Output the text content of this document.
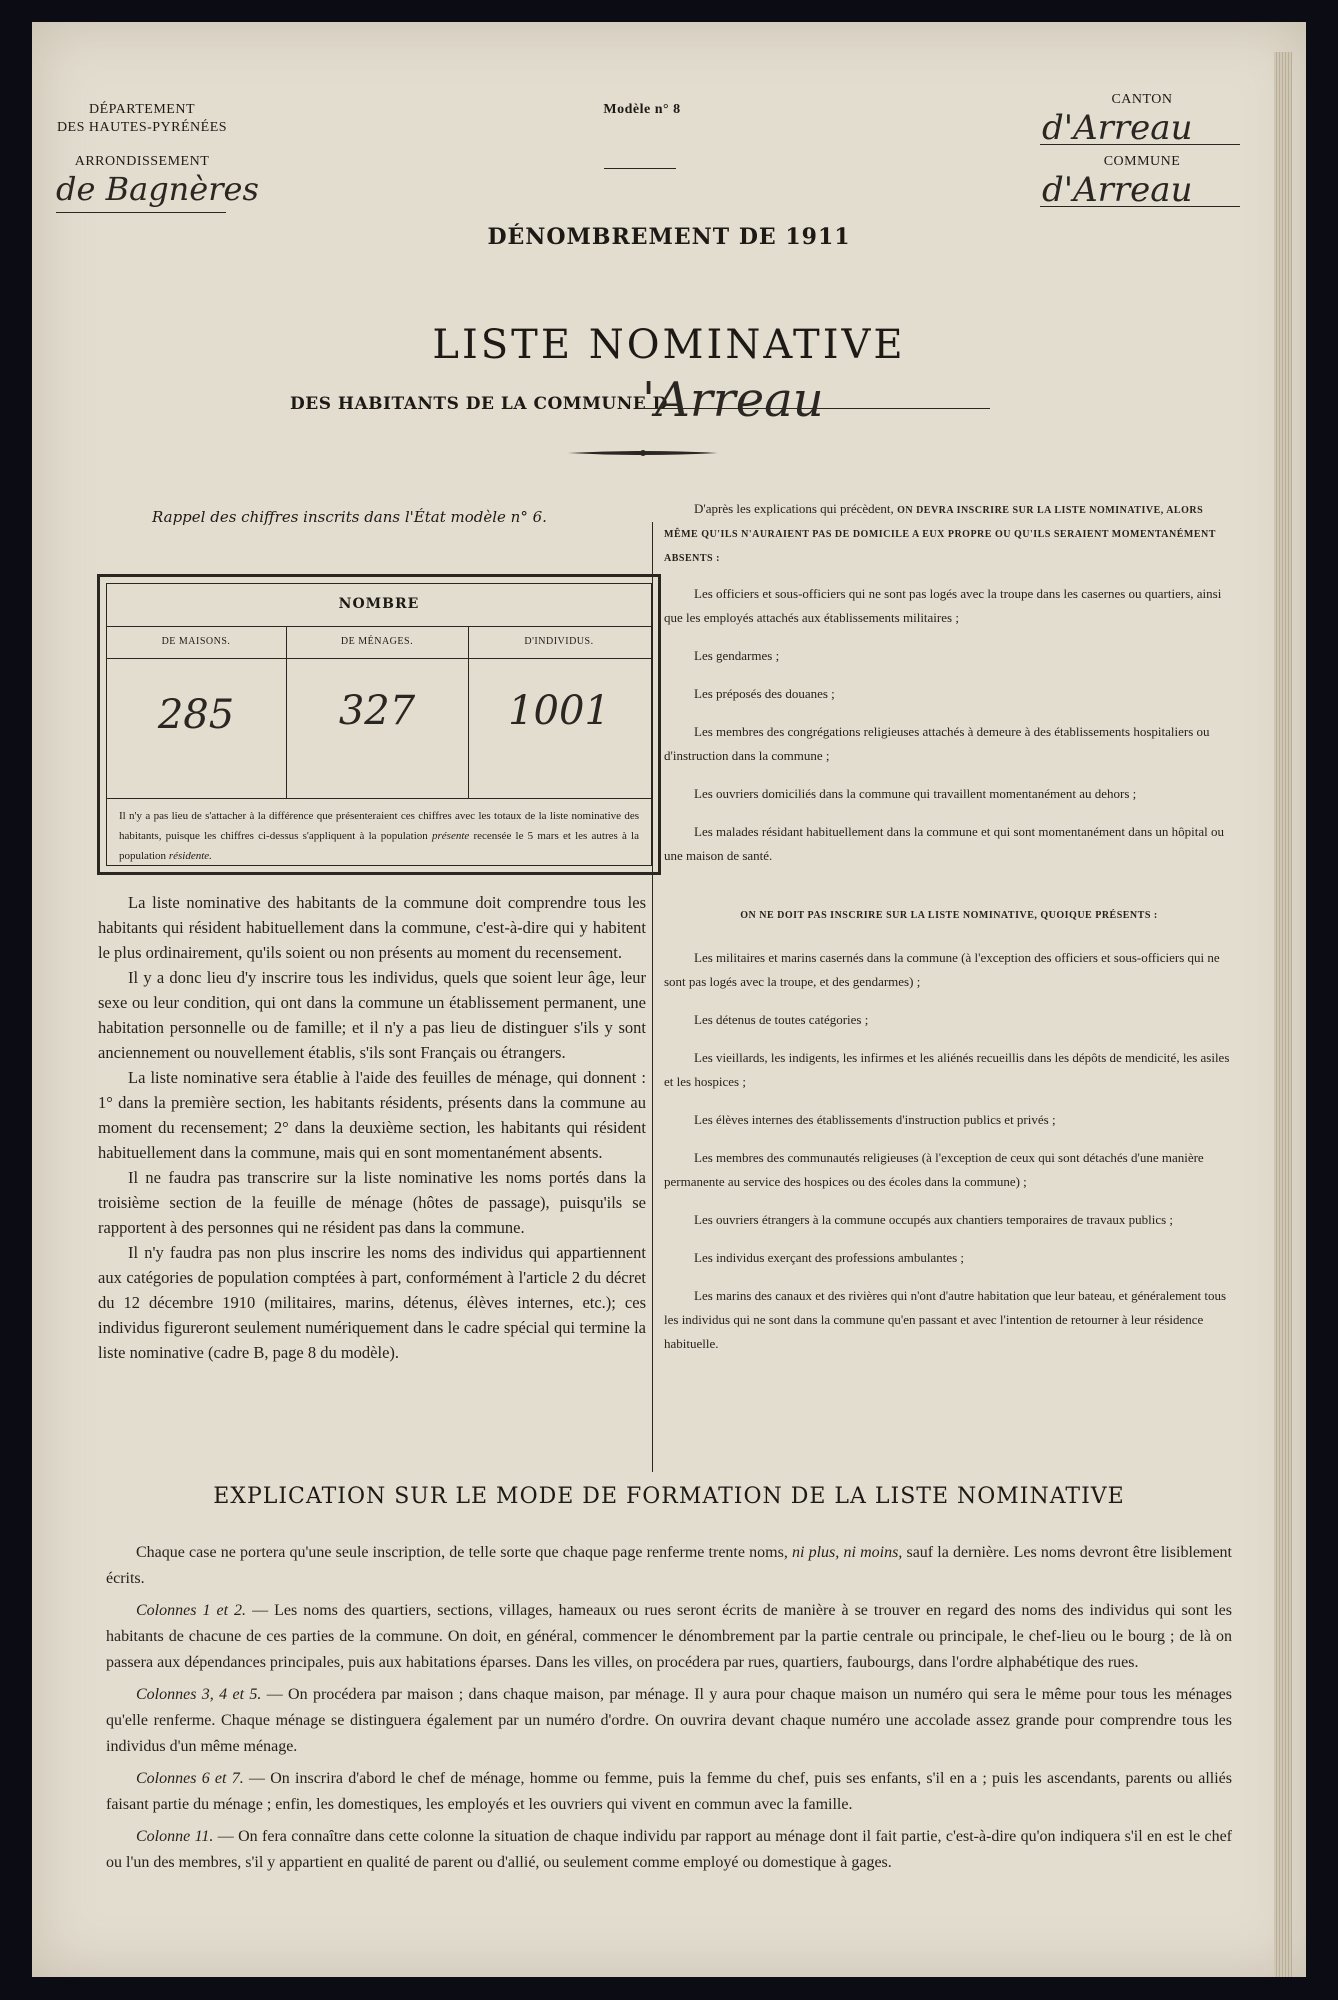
DÉPARTEMENT
DES HAUTES-PYRÉNÉES
ARRONDISSEMENT
de Bagnères
Modèle n° 8
CANTON
d'Arreau
COMMUNE
d'Arreau
DÉNOMBREMENT DE 1911
LISTE NOMINATIVE
DES HABITANTS DE LA COMMUNE D
'Arreau
Rappel des chiffres inscrits dans l'État modèle n° 6.
NOMBRE
DE MAISONS.	DE MÉNAGES.	D'INDIVIDUS.
285	327	1001
Il n'y a pas lieu de s'attacher à la différence que présenteraient ces chiffres avec les totaux de la liste nominative des habitants, puisque les chiffres ci-dessus s'appliquent à la population présente recensée le 5 mars et les autres à la population résidente.

La liste nominative des habitants de la commune doit comprendre tous les habitants qui résident habituellement dans la commune, c'est-à-dire qui y habitent le plus ordinairement, qu'ils soient ou non présents au moment du recensement.

Il y a donc lieu d'y inscrire tous les individus, quels que soient leur âge, leur sexe ou leur condition, qui ont dans la commune un établissement permanent, une habitation personnelle ou de famille; et il n'y a pas lieu de distinguer s'ils y sont anciennement ou nouvellement établis, s'ils sont Français ou étrangers.

La liste nominative sera établie à l'aide des feuilles de ménage, qui donnent : 1° dans la première section, les habitants résidents, présents dans la commune au moment du recensement; 2° dans la deuxième section, les habitants qui résident habituellement dans la commune, mais qui en sont momentanément absents.

Il ne faudra pas transcrire sur la liste nominative les noms portés dans la troisième section de la feuille de ménage (hôtes de passage), puisqu'ils se rapportent à des personnes qui ne résident pas dans la commune.

Il n'y faudra pas non plus inscrire les noms des individus qui appartiennent aux catégories de population comptées à part, conformément à l'article 2 du décret du 12 décembre 1910 (militaires, marins, détenus, élèves internes, etc.); ces individus figureront seulement numériquement dans le cadre spécial qui termine la liste nominative (cadre B, page 8 du modèle).

D'après les explications qui précèdent, ON DEVRA INSCRIRE SUR LA LISTE NOMINATIVE, ALORS MÊME QU'ILS N'AURAIENT PAS DE DOMICILE A EUX PROPRE OU QU'ILS SERAIENT MOMENTANÉMENT ABSENTS :

Les officiers et sous-officiers qui ne sont pas logés avec la troupe dans les casernes ou quartiers, ainsi que les employés attachés aux établissements militaires ;

Les gendarmes ;

Les préposés des douanes ;

Les membres des congrégations religieuses attachés à demeure à des établissements hospitaliers ou d'instruction dans la commune ;

Les ouvriers domiciliés dans la commune qui travaillent momentanément au dehors ;

Les malades résidant habituellement dans la commune et qui sont momentanément dans un hôpital ou une maison de santé.

ON NE DOIT PAS INSCRIRE SUR LA LISTE NOMINATIVE, QUOIQUE PRÉSENTS :

Les militaires et marins casernés dans la commune (à l'exception des officiers et sous-officiers qui ne sont pas logés avec la troupe, et des gendarmes) ;

Les détenus de toutes catégories ;

Les vieillards, les indigents, les infirmes et les aliénés recueillis dans les dépôts de mendicité, les asiles et les hospices ;

Les élèves internes des établissements d'instruction publics et privés ;

Les membres des communautés religieuses (à l'exception de ceux qui sont détachés d'une manière permanente au service des hospices ou des écoles dans la commune) ;

Les ouvriers étrangers à la commune occupés aux chantiers temporaires de travaux publics ;

Les individus exerçant des professions ambulantes ;

Les marins des canaux et des rivières qui n'ont d'autre habitation que leur bateau, et généralement tous les individus qui ne sont dans la commune qu'en passant et avec l'intention de retourner à leur résidence habituelle.

EXPLICATION SUR LE MODE DE FORMATION DE LA LISTE NOMINATIVE

Chaque case ne portera qu'une seule inscription, de telle sorte que chaque page renferme trente noms, ni plus, ni moins, sauf la dernière. Les noms devront être lisiblement écrits.

Colonnes 1 et 2. — Les noms des quartiers, sections, villages, hameaux ou rues seront écrits de manière à se trouver en regard des noms des individus qui sont les habitants de chacune de ces parties de la commune. On doit, en général, commencer le dénombrement par la partie centrale ou principale, le chef-lieu ou le bourg ; de là on passera aux dépendances principales, puis aux habitations éparses. Dans les villes, on procédera par rues, quartiers, faubourgs, dans l'ordre alphabétique des rues.

Colonnes 3, 4 et 5. — On procédera par maison ; dans chaque maison, par ménage. Il y aura pour chaque maison un numéro qui sera le même pour tous les ménages qu'elle renferme. Chaque ménage se distinguera également par un numéro d'ordre. On ouvrira devant chaque numéro une accolade assez grande pour comprendre tous les individus d'un même ménage.

Colonnes 6 et 7. — On inscrira d'abord le chef de ménage, homme ou femme, puis la femme du chef, puis ses enfants, s'il en a ; puis les ascendants, parents ou alliés faisant partie du ménage ; enfin, les domestiques, les employés et les ouvriers qui vivent en commun avec la famille.

Colonne 11. — On fera connaître dans cette colonne la situation de chaque individu par rapport au ménage dont il fait partie, c'est-à-dire qu'on indiquera s'il en est le chef ou l'un des membres, s'il y appartient en qualité de parent ou d'allié, ou seulement comme employé ou domestique à gages.
